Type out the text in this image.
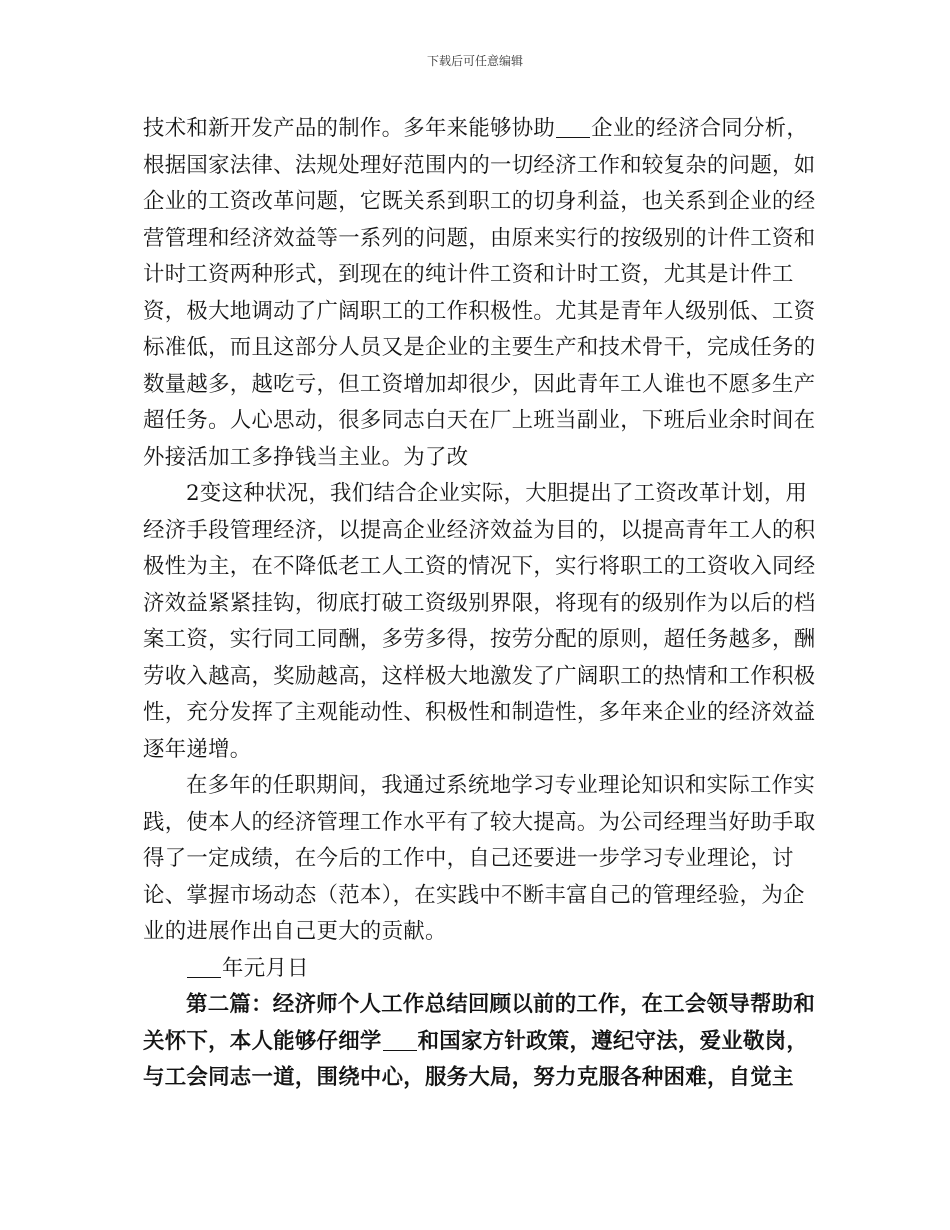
下载后可任意编辑

技术和新开发产品的制作。多年来能够协助 企业的经济合同分析，根据国家法律、法规处理好范围内的一切经济工作和较复杂的问题，如企业的工资改革问题，它既关系到职工的切身利益，也关系到企业的经营管理和经济效益等一系列的问题，由原来实行的按级别的计件工资和计时工资两种形式，到现在的纯计件工资和计时工资，尤其是计件工资，极大地调动了广阔职工的工作积极性。尤其是青年人级别低、工资标准低，而且这部分人员又是企业的主要生产和技术骨干，完成任务的数量越多，越吃亏，但工资增加却很少，因此青年工人谁也不愿多生产超任务。人心思动，很多同志白天在厂上班当副业，下班后业余时间在外接活加工多挣钱当主业。为了改

2变这种状况，我们结合企业实际，大胆提出了工资改革计划，用经济手段管理经济，以提高企业经济效益为目的，以提高青年工人的积极性为主，在不降低老工人工资的情况下，实行将职工的工资收入同经济效益紧紧挂钩，彻底打破工资级别界限，将现有的级别作为以后的档案工资，实行同工同酬，多劳多得，按劳分配的原则，超任务越多，酬劳收入越高，奖励越高，这样极大地激发了广阔职工的热情和工作积极性，充分发挥了主观能动性、积极性和制造性，多年来企业的经济效益逐年递增。

在多年的任职期间，我通过系统地学习专业理论知识和实际工作实践，使本人的经济管理工作水平有了较大提高。为公司经理当好助手取得了一定成绩，在今后的工作中，自己还要进一步学习专业理论，讨论、掌握市场动态（范本），在实践中不断丰富自己的管理经验，为企业的进展作出自己更大的贡献。

年元月日

第二篇：经济师个人工作总结回顾以前的工作，在工会领导帮助和关怀下，本人能够仔细学 和国家方针政策，遵纪守法，爱业敬岗，与工会同志一道，围绕中心，服务大局，努力克服各种困难，自觉主
